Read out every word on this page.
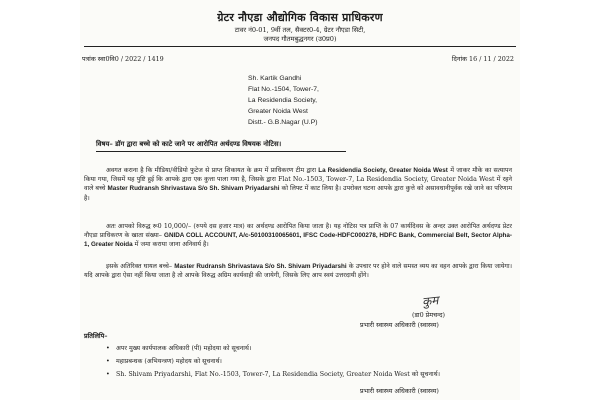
ग्रेटर नौएडा औद्योगिक विकास प्राधिकरण
टावर नं0-01, 9वीं तल, सैक्टर0-4, ग्रेटर नौएडा सिटी,
जनपद गौतमबुद्धनगर (उ0प्र0)
पत्रांक स्वा0वि0 / 2022 / 1419	दिनांक 16 / 11 / 2022
Sh. Kartik Gandhi
Flat No.-1504, Tower-7,
La Residendia Society,
Greater Noida West
Distt.- G.B.Nagar (U.P)
विषय– डॉग द्वारा बच्चे को काटे जाने पर आरोपित अर्थदण्ड विषयक नोटिस।
अवगत कराना है कि मीडिया/वीडियो फुटेज से प्राप्त शिकायत के क्रम में प्राधिकरण टीम द्वारा La Residendia Society, Greater Noida West में जाकर मौके का सत्यापन किया गया, जिसमें यह पुष्टि हुई कि आपके द्वारा एक कुत्ता पाला गया है, जिसके द्वारा Flat No.-1503, Tower-7, La Residendia Society, Greater Noida West में रहने वाले बच्चे Master Rudransh Shrivastava S/o Sh. Shivam Priyadarshi को लिफ्ट में काट लिया है। उपरोक्त घटना आपके द्वारा कुत्ते को असावधानीपूर्वक रखे जाने का परिणाम है।
अतः आपको विरुद्ध रू0 10,000/– (रुपये दस हजार मात्र) का अर्थदण्ड आरोपित किया जाता है। यह नोटिस पत्र प्राप्ति के 07 कार्यदिवस के अन्दर उक्त आरोपित अर्थदण्ड प्रेटर नौएडा प्राधिकरण के खाता संख्या– GNIDA COLL ACCOUNT, A/c-50100310065601, IFSC Code-HDFC000278, HDFC Bank, Commercial Belt, Sector Alpha-1, Greater Noida में जमा कराया जाना अनिवार्य है।
इसके अतिरिक्त घायल बच्चे– Master Rudransh Shrivastava S/o Sh. Shivam Priyadarshi के उपचार पर होने वाले समस्त व्यय का वहन आपके द्वारा किया जायेगा। यदि आपके द्वारा ऐसा नहीं किया जाता है तो आपके विरुद्ध अग्रिम कार्यवाही की जायेगी, जिसके लिए आप स्वयं उत्तरदायी होंगे।
कुम
(डा0 प्रेमचन्द)
प्रभारी स्वास्थ्य अधिकारी (स्वास्थ्य)
प्रतिलिपि–
• अपर मुख्य कार्यपालक अधिकारी (पी) महोदया को सूचनार्थ।
• महाप्रबन्धक (अभियन्त्रण) महोदय को सूचनार्थ।
• Sh. Shivam Priyadarshi, Flat No.-1503, Tower-7, La Residendia Society, Greater Noida West को सूचनार्थ।
प्रभारी स्वास्थ्य अधिकारी (स्वास्थ्य)
